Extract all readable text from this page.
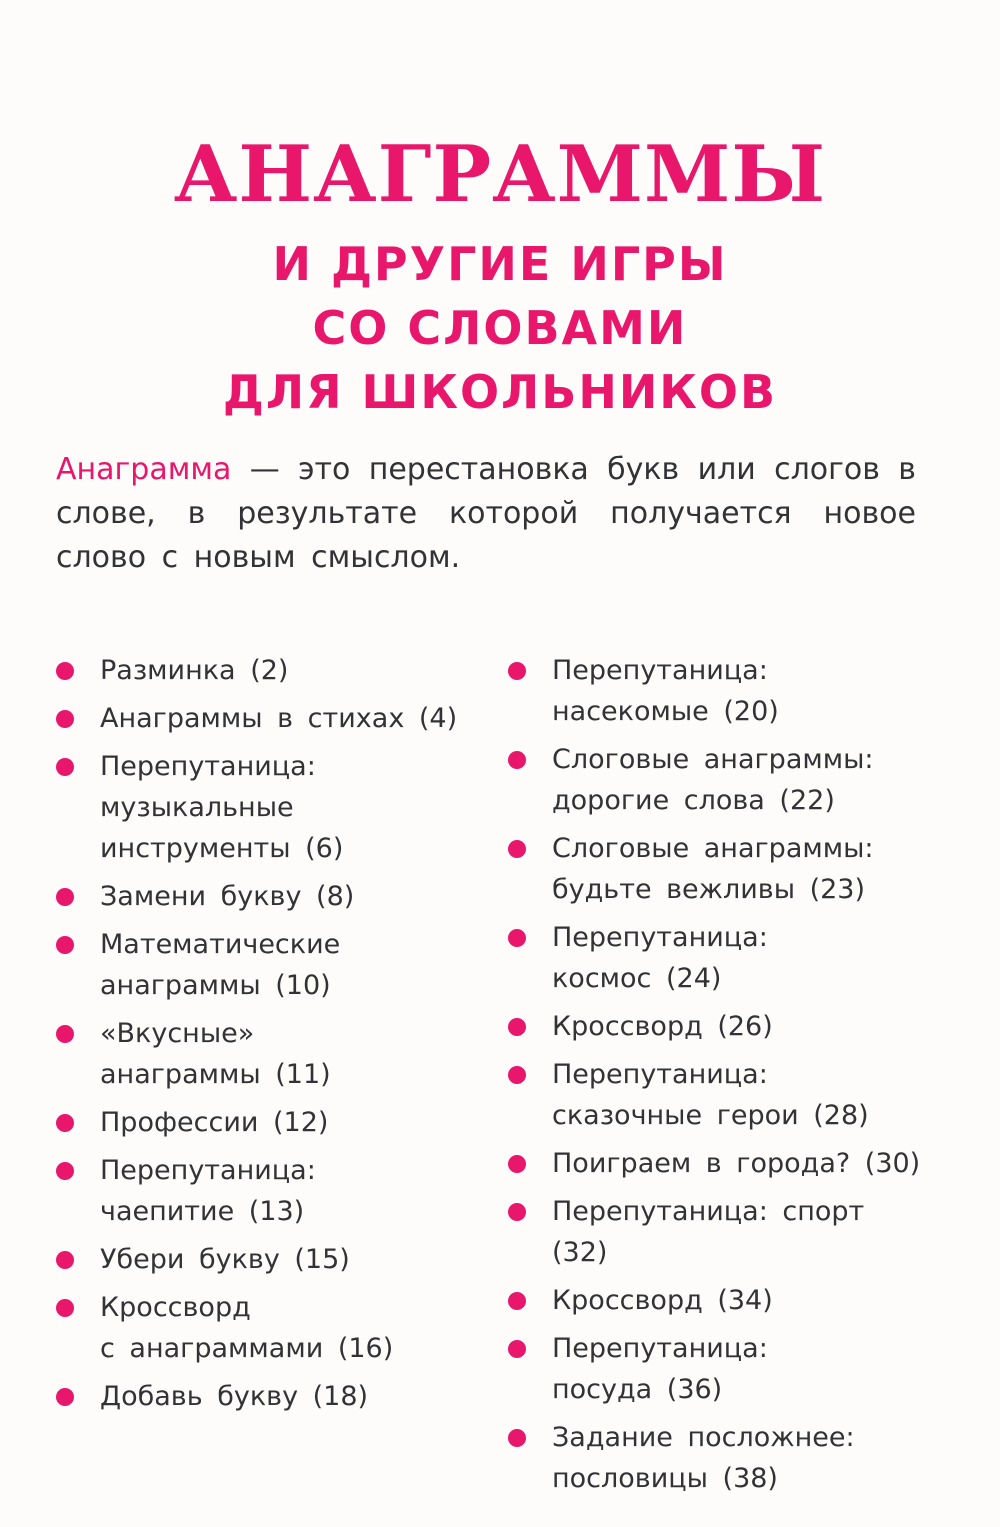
АНАГРАММЫ
И ДРУГИЕ ИГРЫ
СО СЛОВАМИ
ДЛЯ ШКОЛЬНИКОВ

Анаграмма — это перестановка букв или слогов в слове, в результате которой получается новое слово с новым смыслом.

Разминка (2)
Анаграммы в стихах (4)
Перепутаница:
музыкальные
инструменты (6)
Замени букву (8)
Математические
анаграммы (10)
«Вкусные»
анаграммы (11)
Профессии (12)
Перепутаница:
чаепитие (13)
Убери букву (15)
Кроссворд
с анаграммами (16)
Добавь букву (18)
Перепутаница:
насекомые (20)
Слоговые анаграммы:
дорогие слова (22)
Слоговые анаграммы:
будьте вежливы (23)
Перепутаница:
космос (24)
Кроссворд (26)
Перепутаница:
сказочные герои (28)
Поиграем в города? (30)
Перепутаница: спорт (32)
Кроссворд (34)
Перепутаница:
посуда (36)
Задание посложнее:
пословицы (38)
